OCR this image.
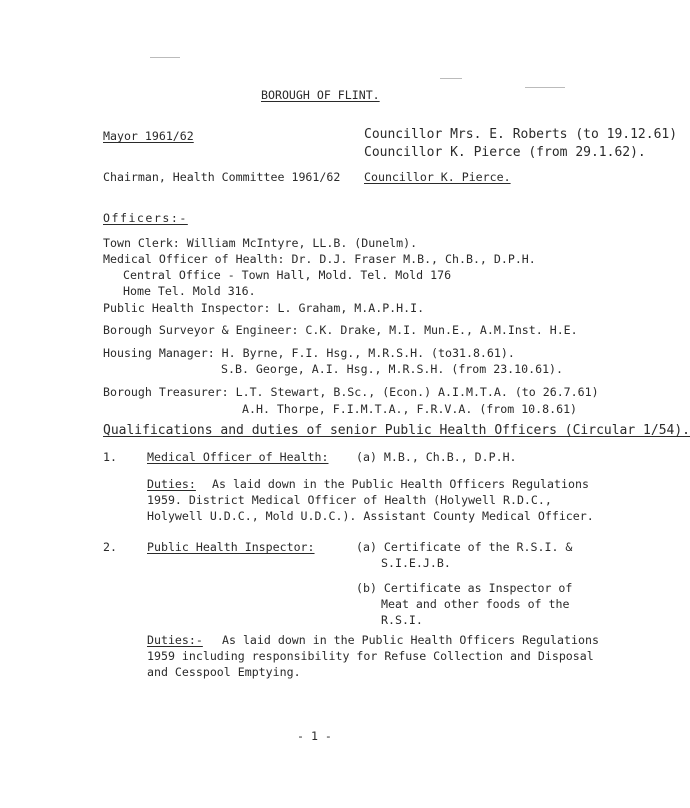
BOROUGH OF FLINT.
Mayor 1961/62	Councillor Mrs. E. Roberts (to 19.12.61)
Councillor K. Pierce (from 29.1.62).
Chairman, Health Committee 1961/62 Councillor K. Pierce.
Officers:-
Town Clerk: William McIntyre, LL.B. (Dunelm).
Medical Officer of Health: Dr. D.J. Fraser M.B., Ch.B., D.P.H.
Central Office - Town Hall, Mold. Tel. Mold 176
Home Tel. Mold 316.
Public Health Inspector: L. Graham, M.A.P.H.I.
Borough Surveyor & Engineer: C.K. Drake, M.I. Mun.E., A.M.Inst. H.E.
Housing Manager: H. Byrne, F.I. Hsg., M.R.S.H. (to31.8.61).
S.B. George, A.I. Hsg., M.R.S.H. (from 23.10.61).
Borough Treasurer: L.T. Stewart, B.Sc., (Econ.) A.I.M.T.A. (to 26.7.61)
A.H. Thorpe, F.I.M.T.A., F.R.V.A. (from 10.8.61)
Qualifications and duties of senior Public Health Officers (Circular 1/54).
1.	Medical Officer of Health: (a) M.B., Ch.B., D.P.H.
Duties: As laid down in the Public Health Officers Regulations
1959. District Medical Officer of Health (Holywell R.D.C.,
Holywell U.D.C., Mold U.D.C.). Assistant County Medical Officer.
2.	Public Health Inspector:	(a) Certificate of the R.S.I. &
S.I.E.J.B.
(b) Certificate as Inspector of
Meat and other foods of the
R.S.I.
Duties:- As laid down in the Public Health Officers Regulations
1959 including responsibility for Refuse Collection and Disposal
and Cesspool Emptying.
- 1 -
